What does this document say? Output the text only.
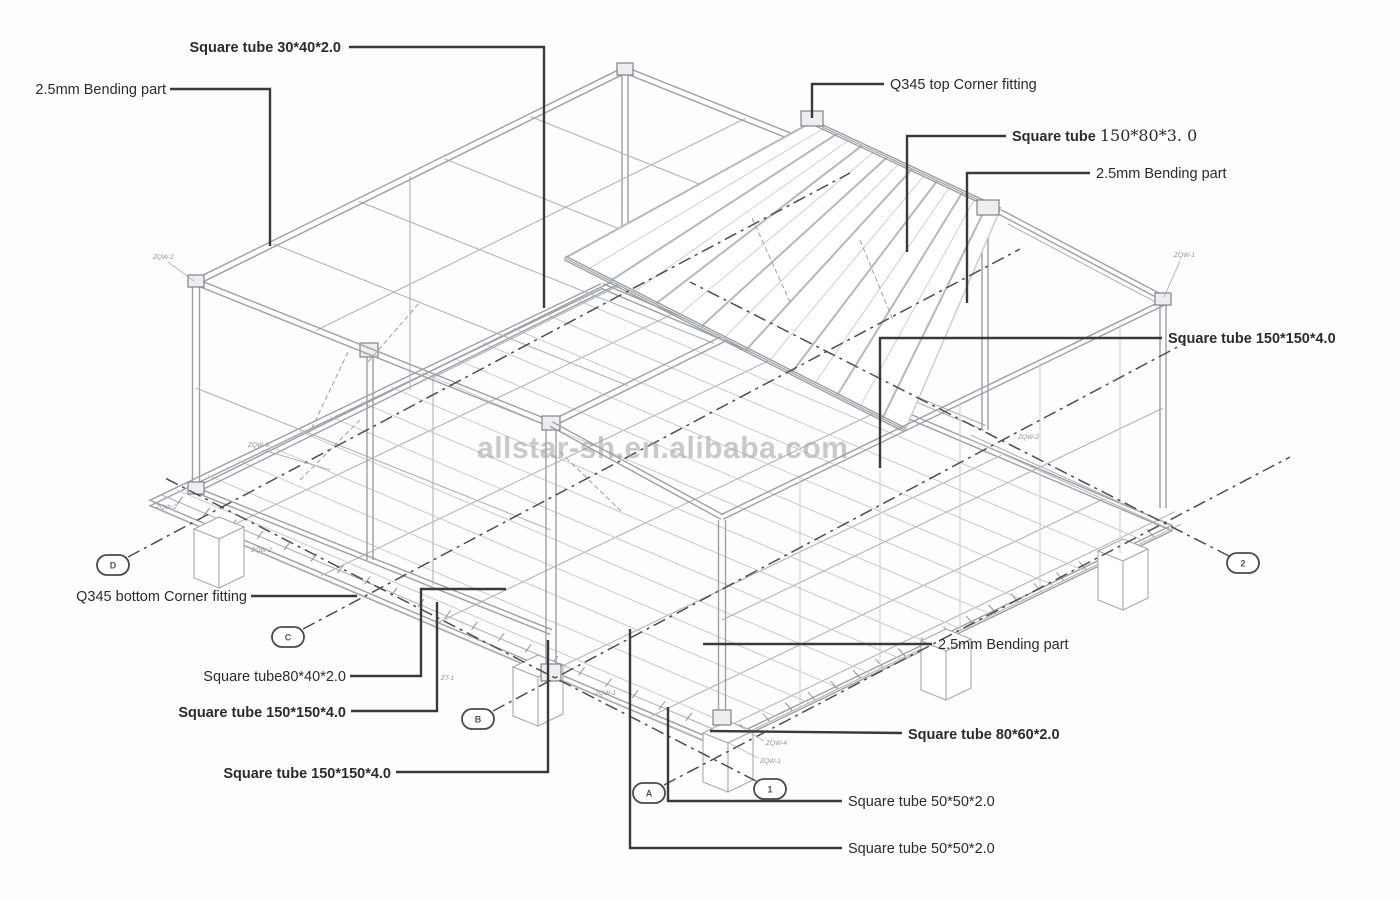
D
C
B
A	1
2
ZQW-2	ZQW-1
ZQW-3
ZQW-2
ZQW-2
ZT-1
ZQW-1
ZQW-4
ZQW-1
ZQW-2
Square tube 30*40*2.0
2.5mm Bending part	Q345 top Corner fitting
Square tube 150*80*3. 0
2.5mm Bending part
Square tube 150*150*4.0
Q345 bottom Corner fitting
Square tube80*40*2.0
Square tube 150*150*4.0
Square tube 150*150*4.0
2.5mm Bending part
Square tube 80*60*2.0
Square tube 50*50*2.0
Square tube 50*50*2.0
allstar-sh.en.alibaba.com
